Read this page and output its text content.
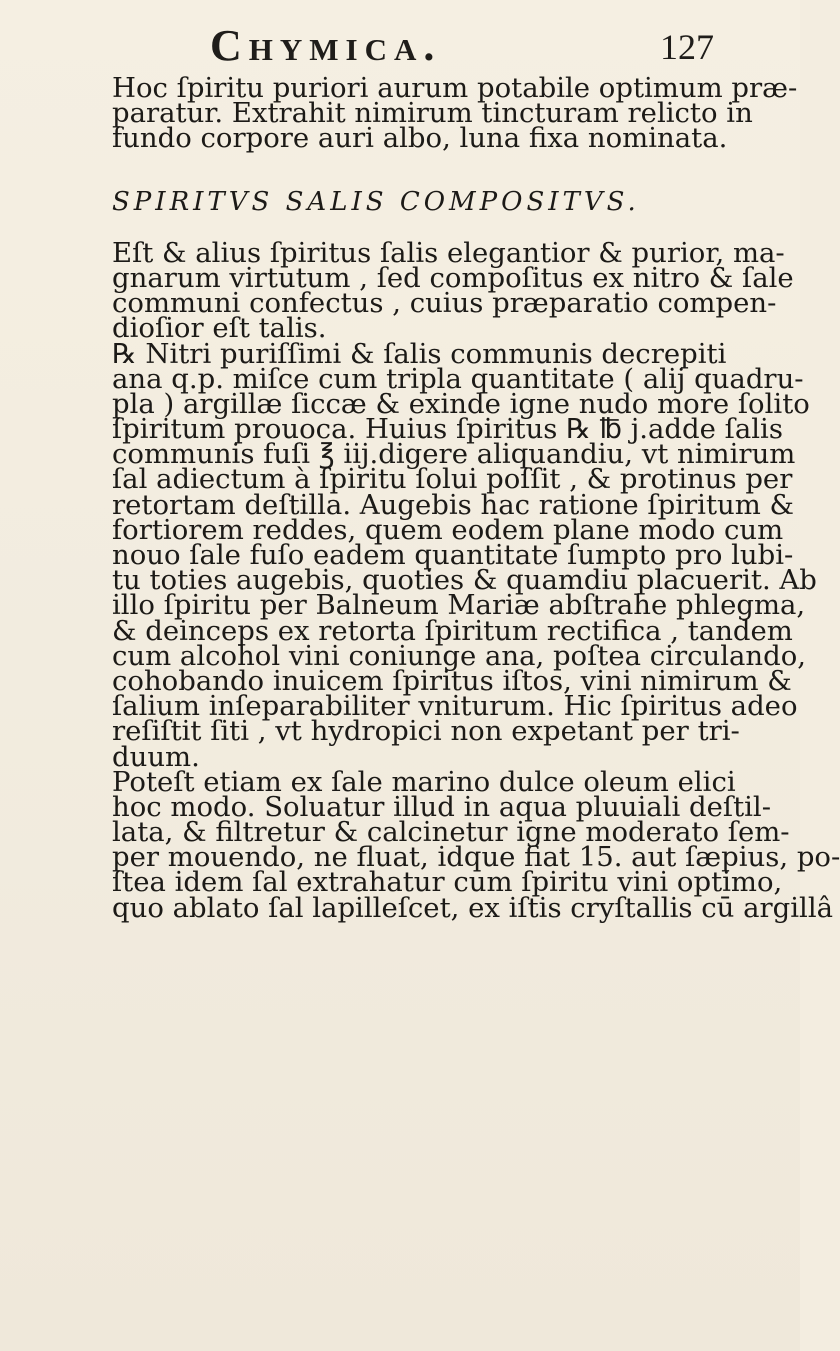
Chymica.	127
Hoc ſpiritu puriori aurum potabile optimum præ-
paratur. Extrahit nimirum tincturam relicto in
fundo corpore auri albo, luna fixa nominata.
SPIRITVS SALIS COMPOSITVS.
Eſt & alius ſpiritus ſalis elegantior & purior, ma-
gnarum virtutum , ſed compoſitus ex nitro & ſale
communi confectus , cuius præparatio compen-
dioſior eſt talis.
℞ Nitri puriſſimi & ſalis communis decrepiti
ana q.p. miſce cum tripla quantitate ( alij quadru-
pla ) argillæ ſiccæ & exinde igne nudo more ſolito
ſpiritum prouoca. Huius ſpiritus ℞ ℔ j.adde ſalis
communis fuſi ℥ iij.digere aliquandiu, vt nimirum
ſal adiectum à ſpiritu ſolui poſſit , & protinus per
retortam deſtilla. Augebis hac ratione ſpiritum &
fortiorem reddes, quem eodem plane modo cum
nouo ſale fuſo eadem quantitate ſumpto pro lubi-
tu toties augebis, quoties & quamdiu placuerit. Ab
illo ſpiritu per Balneum Mariæ abſtrahe phlegma,
& deinceps ex retorta ſpiritum rectifica , tandem
cum alcohol vini coniunge ana, poſtea circulando,
cohobando inuicem ſpiritus iſtos, vini nimirum &
ſalium inſeparabiliter vniturum. Hic ſpiritus adeo
reſiſtit ſiti , vt hydropici non expetant per tri-
duum.
Poteſt etiam ex ſale marino dulce oleum elici
hoc modo. Soluatur illud in aqua pluuiali deſtil-
lata, & filtretur & calcinetur igne moderato ſem-
per mouendo, ne fluat, idque fiat 15. aut ſæpius, po-
ſtea idem ſal extrahatur cum ſpiritu vini optimo,
quo ablato ſal lapilleſcet, ex iſtis cryſtallis cū argillâ
